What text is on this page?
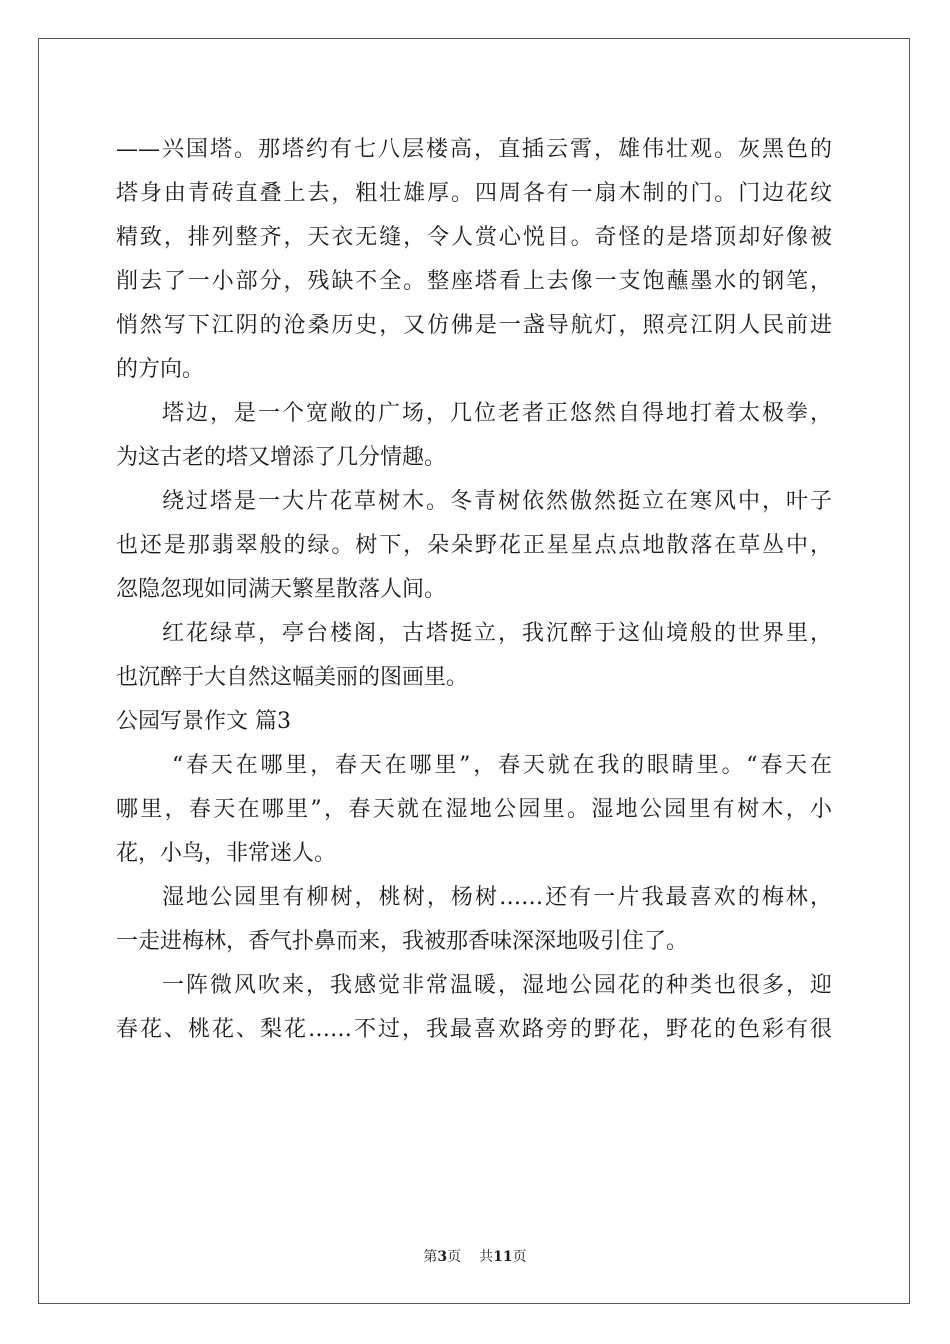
——兴国塔。那塔约有七八层楼高，直插云霄，雄伟壮观。灰黑色的
塔身由青砖直叠上去，粗壮雄厚。四周各有一扇木制的门。门边花纹
精致，排列整齐，天衣无缝，令人赏心悦目。奇怪的是塔顶却好像被
削去了一小部分，残缺不全。整座塔看上去像一支饱蘸墨水的钢笔，
悄然写下江阴的沧桑历史，又仿佛是一盏导航灯，照亮江阴人民前进
的方向。
塔边，是一个宽敞的广场，几位老者正悠然自得地打着太极拳，
为这古老的塔又增添了几分情趣。
绕过塔是一大片花草树木。冬青树依然傲然挺立在寒风中，叶子
也还是那翡翠般的绿。树下，朵朵野花正星星点点地散落在草丛中，
忽隐忽现如同满天繁星散落人间。
红花绿草，亭台楼阁，古塔挺立，我沉醉于这仙境般的世界里，
也沉醉于大自然这幅美丽的图画里。
公园写景作文 篇3
“春天在哪里，春天在哪里”，春天就在我的眼睛里。“春天在
哪里，春天在哪里”，春天就在湿地公园里。湿地公园里有树木，小
花，小鸟，非常迷人。
湿地公园里有柳树，桃树，杨树……还有一片我最喜欢的梅林，
一走进梅林，香气扑鼻而来，我被那香味深深地吸引住了。
一阵微风吹来，我感觉非常温暖，湿地公园花的种类也很多，迎
春花、桃花、梨花……不过，我最喜欢路旁的野花，野花的色彩有很
第3页 共11页
